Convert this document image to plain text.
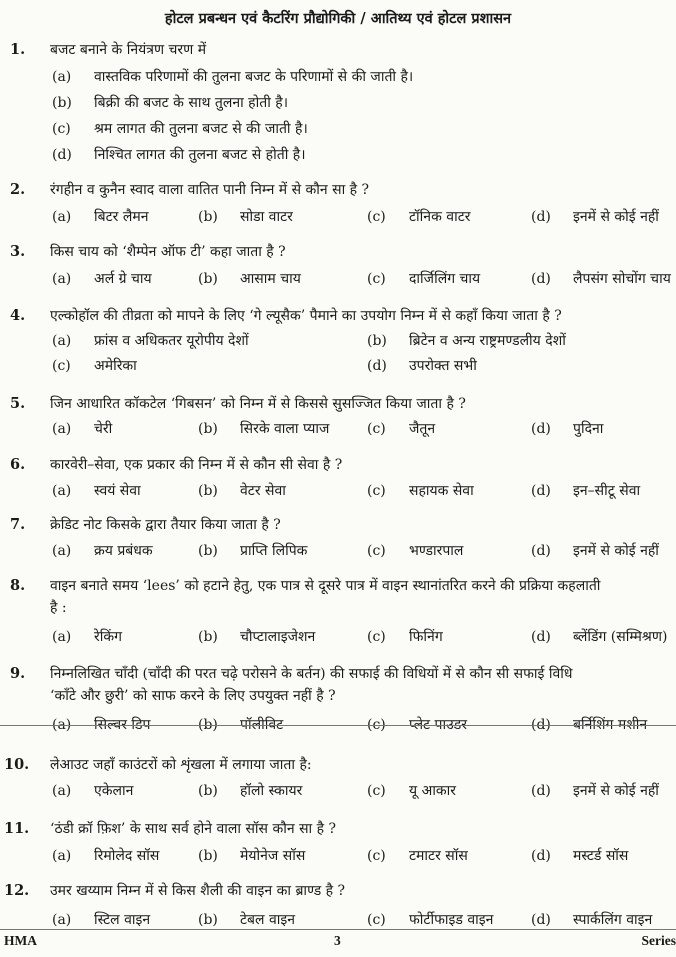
होटल प्रबन्धन एवं कैटरिंग प्रौद्योगिकी / आतिथ्य एवं होटल प्रशासन
1. बजट बनाने के नियंत्रण चरण में
(a) वास्तविक परिणामों की तुलना बजट के परिणामों से की जाती है।
(b) बिक्री की बजट के साथ तुलना होती है।
(c) श्रम लागत की तुलना बजट से की जाती है।
(d) निश्चित लागत की तुलना बजट से होती है।
2. रंगहीन व कुनैन स्वाद वाला वातित पानी निम्न में से कौन सा है ?
(a) बिटर लैमन	(b) सोडा वाटर	(c) टॉनिक वाटर	(d) इनमें से कोई नहीं
3. किस चाय को ‘शैम्पेन ऑफ टी’ कहा जाता है ?
(a) अर्ल ग्रे चाय	(b) आसाम चाय	(c) दार्जिलिंग चाय	(d) लैपसंग सोचोंग चाय
4. एल्कोहॉल की तीव्रता को मापने के लिए ‘गे ल्यूसैक’ पैमाने का उपयोग निम्न में से कहाँ किया जाता है ?
(a) फ्रांस व अधिकतर यूरोपीय देशों	(b) ब्रिटेन व अन्य राष्ट्रमण्डलीय देशों
(c) अमेरिका	(d) उपरोक्त सभी
5. जिन आधारित कॉकटेल ‘गिबसन’ को निम्न में से किससे सुसज्जित किया जाता है ?
(a) चेरी	(b) सिरके वाला प्याज	(c) जैतून	(d) पुदिना
6. कारवेरी–सेवा, एक प्रकार की निम्न में से कौन सी सेवा है ?
(a) स्वयं सेवा	(b) वेटर सेवा	(c) सहायक सेवा	(d) इन–सीटू सेवा
7. क्रेडिट नोट किसके द्वारा तैयार किया जाता है ?
(a) क्रय प्रबंधक	(b) प्राप्ति लिपिक	(c) भण्डारपाल	(d) इनमें से कोई नहीं
8. वाइन बनाते समय ‘lees’ को हटाने हेतु, एक पात्र से दूसरे पात्र में वाइन स्थानांतरित करने की प्रक्रिया कहलाती
है :
(a) रेकिंग	(b) चौप्टालाइजेशन	(c) फिनिंग	(d) ब्लेंडिंग (सम्मिश्रण)
9. निम्नलिखित चाँदी (चाँदी की परत चढ़े परोसने के बर्तन) की सफाई की विधियों में से कौन सी सफाई विधि
‘काँटे और छुरी’ को साफ करने के लिए उपयुक्त नहीं है ?
(a) सिल्वर डिप	(b) पॉलीविट	(c) प्लेट पाउडर	(d) बर्निशिंग मशीन
10. लेआउट जहाँ काउंटरों को शृंखला में लगाया जाता है:
(a) एकेलान	(b) हॉलो स्कायर	(c) यू आकार	(d) इनमें से कोई नहीं
11. ‘ठंडी क्रॉ फ़िश’ के साथ सर्व होने वाला सॉस कौन सा है ?
(a) रिमोलेद सॉस	(b) मेयोनेज सॉस	(c) टमाटर सॉस	(d) मस्टर्ड सॉस
12. उमर खय्याम निम्न में से किस शैली की वाइन का ब्राण्ड है ?
(a) स्टिल वाइन	(b) टेबल वाइन	(c) फोर्टीफाइड वाइन	(d) स्पार्कलिंग वाइन
HMA	3	Series
